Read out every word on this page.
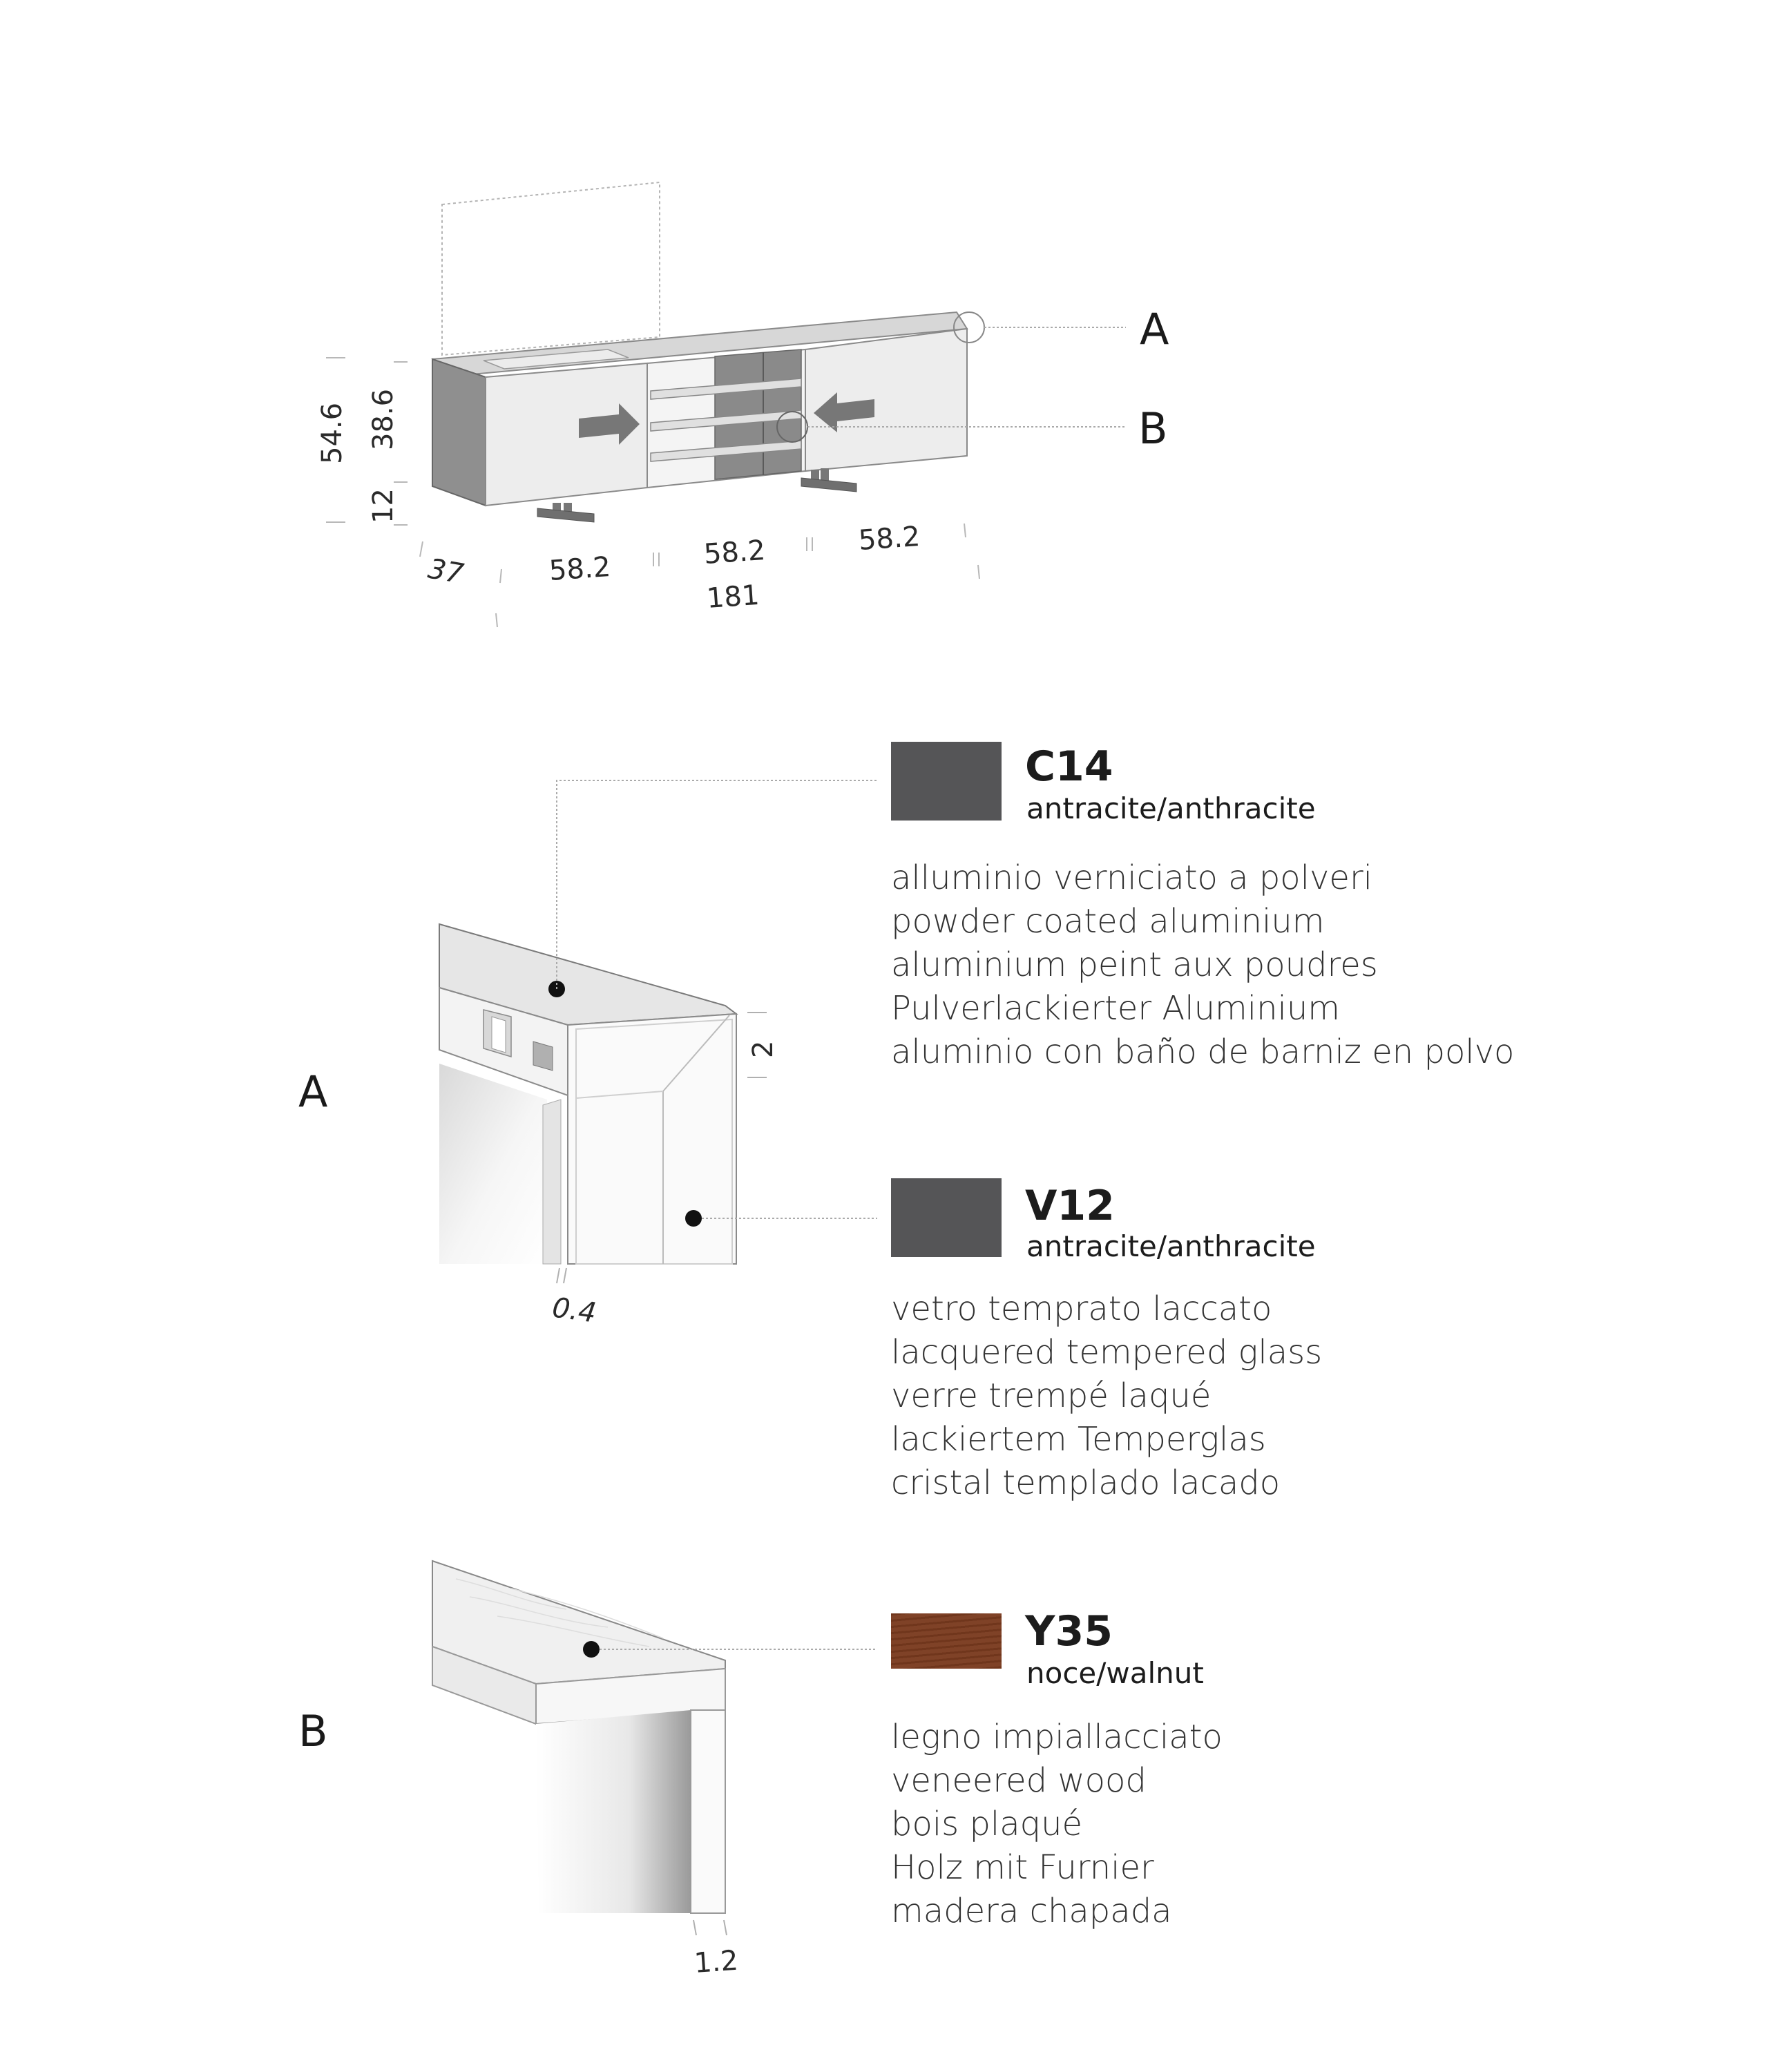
A
B
54.6 38.6
12
37	58.2	58.2	58.2
181
A
2
0.4
B
1.2
C14
antracite/anthracite
alluminio verniciato a polveri
powder coated aluminium
aluminium peint aux poudres
Pulverlackierter Aluminium
aluminio con baño de barniz en polvo
V12
antracite/anthracite
vetro temprato laccato
lacquered tempered glass
verre trempé laqué
lackiertem Temperglas
cristal templado lacado
Y35
noce/walnut
legno impiallacciato
veneered wood
bois plaqué
Holz mit Furnier
madera chapada
